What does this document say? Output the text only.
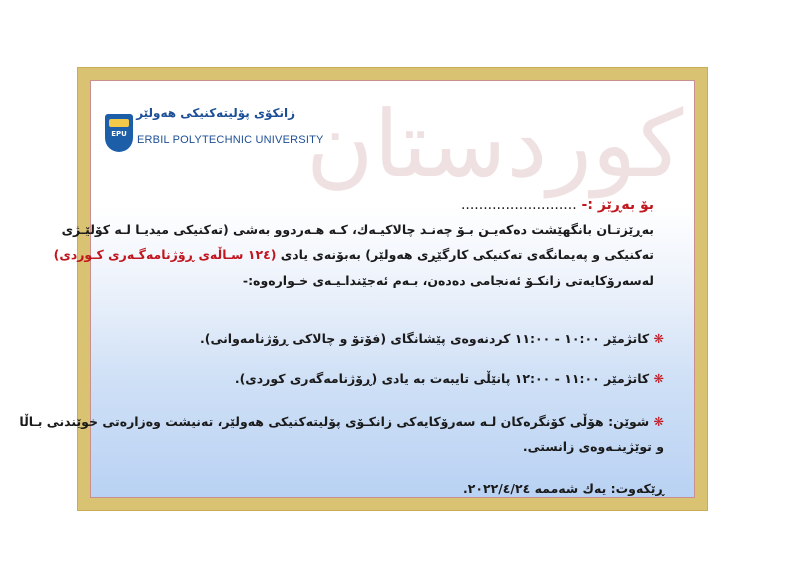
كوردستان
EPU
زانكۆی پۆلیتەكنیكی هەولێر
ERBIL POLYTECHNIC UNIVERSITY
بۆ بەڕێز :- ..........................
بەڕێزتـان بانگهێشت دەكەیـن بـۆ چەنـد چالاكیـەك، كـە هـەردوو بەشی (تەكنیكی میدیـا لـە كۆلێـژی
تەكنیكی و پەیمانگەی تەكنیكی كارگێڕی هەولێر) بەبۆنەی یادی (١٢٤ سـاڵەی ڕۆژنامەگـەری كـوردی)
لەسەرۆكایەتی زانكـۆ ئەنجامی دەدەن، بـەم ئەجێنداـیـەی خـوارەوە:-
❋ كاتژمێر ١٠:٠٠ - ١١:٠٠ كردنەوەی پێشانگای (فۆتۆ و چالاكی ڕۆژنامەوانی).
❋ كاتژمێر ١١:٠٠ - ١٢:٠٠ پانێڵی تایبەت بە یادی (ڕۆژنامەگەری كوردی).
❋ شوێن: هۆڵی كۆنگرەكان لـە سەرۆكایەكی زانكـۆی پۆلیتەكنیكی هەولێر، تەنیشت وەزارەتی خوێندنی بـاڵا
و توێژینـەوەی زانستی.
ڕێكەوت: یەك شەممە ٢٠٢٢/٤/٢٤.
